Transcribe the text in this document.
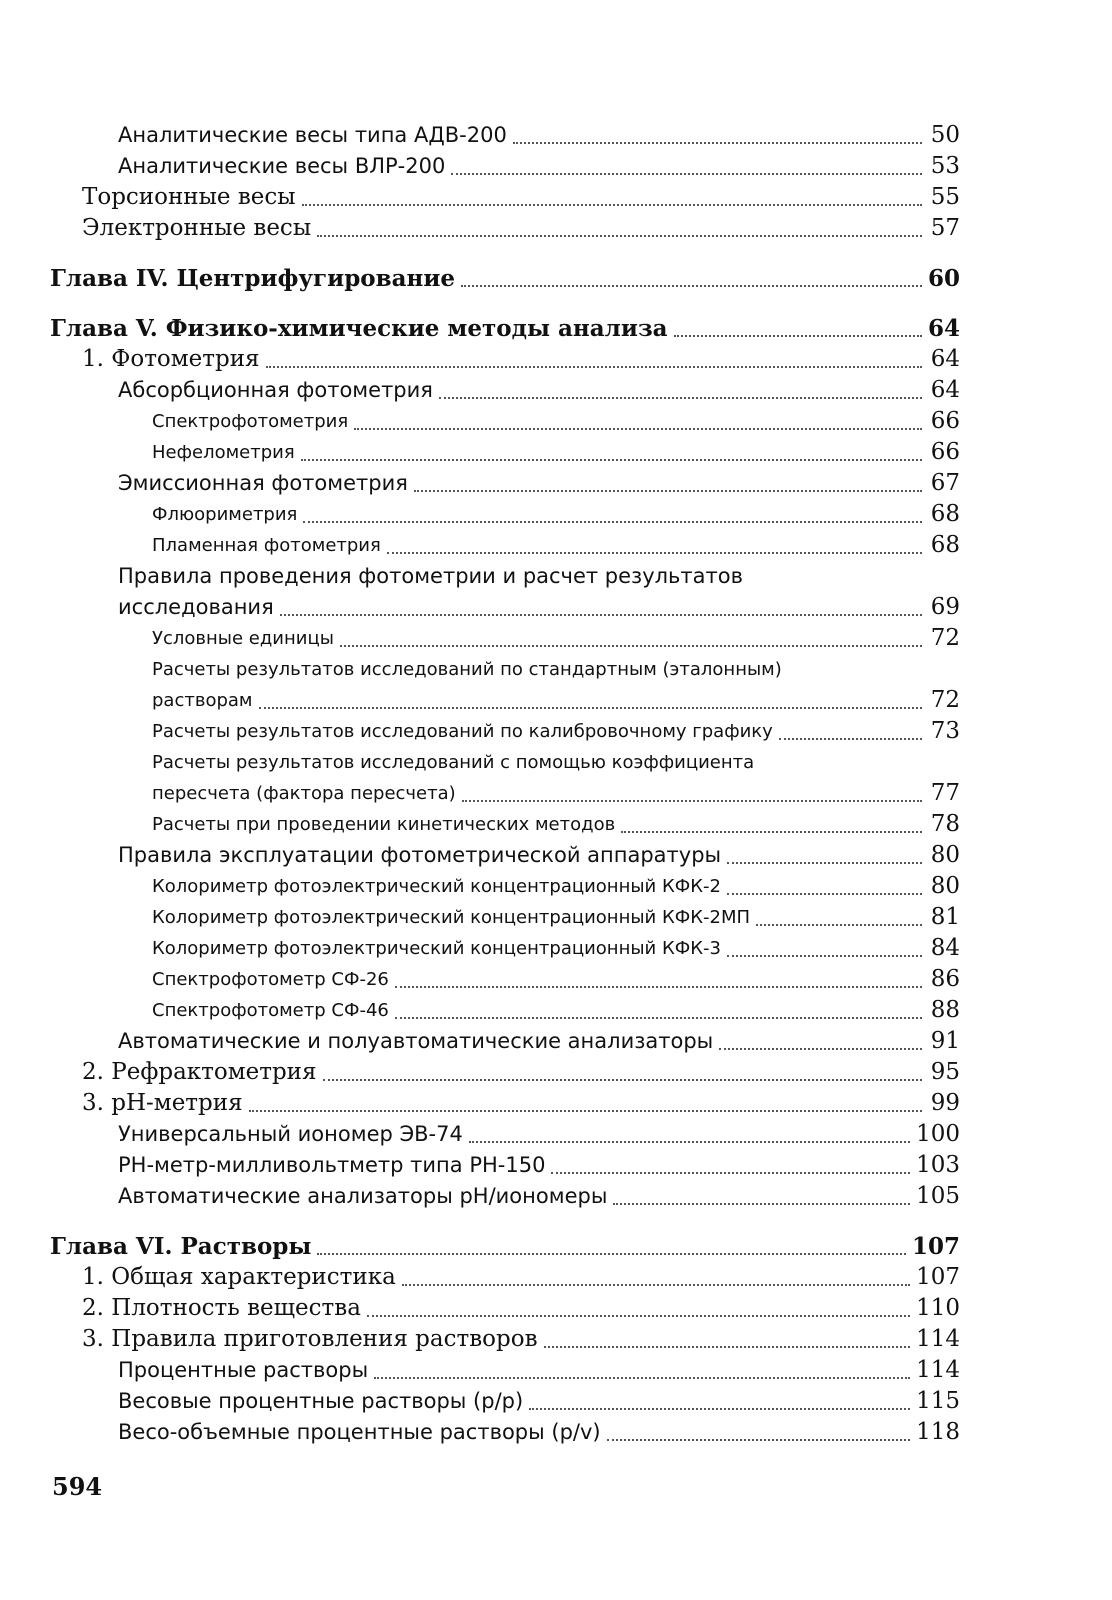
Аналитические весы типа АДВ-200	50
Аналитические весы ВЛР-200	53
Торсионные весы	55
Электронные весы	57
Глава IV. Центрифугирование	60
Глава V. Физико-химические методы анализа	64
1. Фотометрия	64
Абсорбционная фотометрия	64
Спектрофотометрия	66
Нефелометрия	66
Эмиссионная фотометрия	67
Флюориметрия	68
Пламенная фотометрия	68
Правила проведения фотометрии и расчет результатов
исследования	69
Условные единицы	72
Расчеты результатов исследований по стандартным (эталонным)
растворам	72
Расчеты результатов исследований по калибровочному графику	73
Расчеты результатов исследований с помощью коэффициента
пересчета (фактора пересчета)	77
Расчеты при проведении кинетических методов	78
Правила эксплуатации фотометрической аппаратуры	80
Колориметр фотоэлектрический концентрационный КФК-2	80
Колориметр фотоэлектрический концентрационный КФК-2МП	81
Колориметр фотоэлектрический концентрационный КФК-3	84
Спектрофотометр СФ-26	86
Спектрофотометр СФ-46	88
Автоматические и полуавтоматические анализаторы	91
2. Рефрактометрия	95
3. pH-метрия	99
Универсальный иономер ЭВ-74	100
РН-метр-милливольтметр типа РН-150	103
Автоматические анализаторы pH/иономеры	105
Глава VI. Растворы	107
1. Общая характеристика	107
2. Плотность вещества	110
3. Правила приготовления растворов	114
Процентные растворы	114
Весовые процентные растворы (р/р)	115
Весо-объемные процентные растворы (p/v)	118
594
